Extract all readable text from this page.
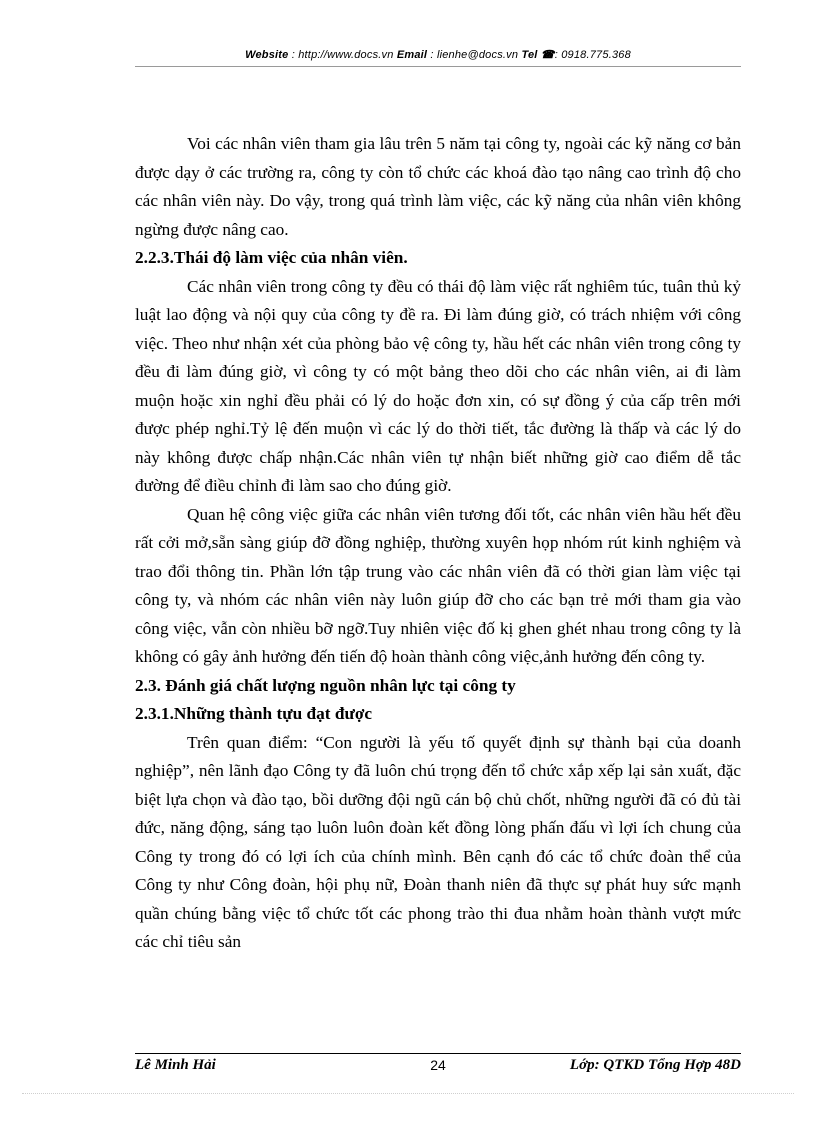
Website : http://www.docs.vn Email : lienhe@docs.vn Tel ☎: 0918.775.368

Voi các nhân viên tham gia lâu trên 5 năm tại công ty, ngoài các kỹ năng cơ bản được dạy ở các trường ra, công ty còn tổ chức các khoá đào tạo nâng cao trình độ cho các nhân viên này. Do vậy, trong quá trình làm việc, các kỹ năng của nhân viên không ngừng được nâng cao.

2.2.3.Thái độ làm việc của nhân viên.

Các nhân viên trong công ty đều có thái độ làm việc rất nghiêm túc, tuân thủ kỷ luật lao động và nội quy của công ty đề ra. Đi làm đúng giờ, có trách nhiệm với công việc. Theo như nhận xét của phòng bảo vệ công ty, hầu hết các nhân viên trong công ty đều đi làm đúng giờ, vì công ty có một bảng theo dõi cho các nhân viên, ai đi làm muộn hoặc xin nghỉ đều phải có lý do hoặc đơn xin, có sự đồng ý của cấp trên mới được phép nghỉ.Tỷ lệ đến muộn vì các lý do thời tiết, tắc đường là thấp và các lý do này không được chấp nhận.Các nhân viên tự nhận biết những giờ cao điểm dễ tắc đường để điều chỉnh đi làm sao cho đúng giờ.

Quan hệ công việc giữa các nhân viên tương đối tốt, các nhân viên hầu hết đều rất cởi mở,sẵn sàng giúp đỡ đồng nghiệp, thường xuyên họp nhóm rút kinh nghiệm và trao đổi thông tin. Phần lớn tập trung vào các nhân viên đã có thời gian làm việc tại công ty, và nhóm các nhân viên này luôn giúp đỡ cho các bạn trẻ mới tham gia vào công việc, vẫn còn nhiều bỡ ngỡ.Tuy nhiên việc đố kị ghen ghét nhau trong công ty là không có gây ảnh hưởng đến tiến độ hoàn thành công việc,ảnh hưởng đến công ty.

2.3. Đánh giá chất lượng nguồn nhân lực tại công ty

2.3.1.Những thành tựu đạt được

Trên quan điểm: “Con người là yếu tố quyết định sự thành bại của doanh nghiệp”, nên lãnh đạo Công ty đã luôn chú trọng đến tổ chức xắp xếp lại sản xuất, đặc biệt lựa chọn và đào tạo, bồi dưỡng đội ngũ cán bộ chủ chốt, những người đã có đủ tài đức, năng động, sáng tạo luôn luôn đoàn kết đồng lòng phấn đấu vì lợi ích chung của Công ty trong đó có lợi ích của chính mình. Bên cạnh đó các tổ chức đoàn thể của Công ty như Công đoàn, hội phụ nữ, Đoàn thanh niên đã thực sự phát huy sức mạnh quần chúng bằng việc tổ chức tốt các phong trào thi đua nhằm hoàn thành vượt mức các chỉ tiêu sản

Lê Minh Hải	24	Lớp: QTKD Tổng Hợp 48D
